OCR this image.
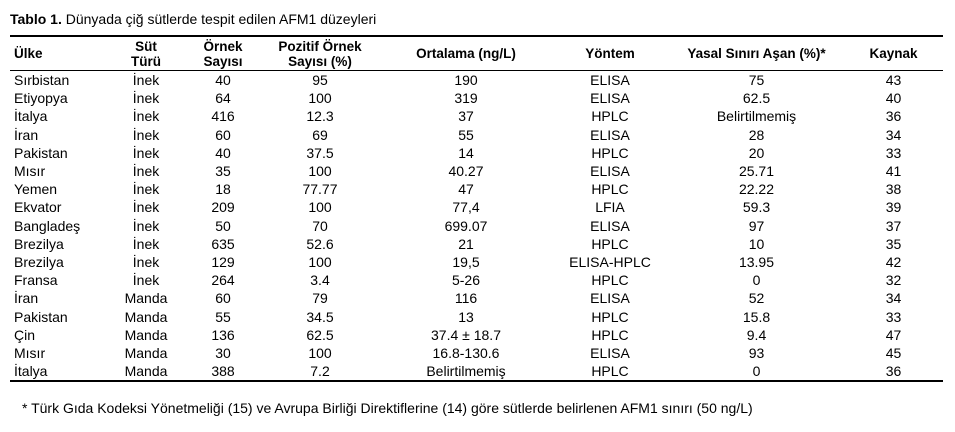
Tablo 1. Dünyada çiğ sütlerde tespit edilen AFM1 düzeyleri
Ülke	Süt Türü	Örnek Sayısı	Pozitif Örnek Sayısı (%)	Ortalama (ng/L)	Yöntem	Yasal Sınırı Aşan (%)*	Kaynak
Sırbistan	İnek	40	95	190	ELISA	75	43
Etiyopya	İnek	64	100	319	ELISA	62.5	40
İtalya	İnek	416	12.3	37	HPLC	Belirtilmemiş	36
İran	İnek	60	69	55	ELISA	28	34
Pakistan	İnek	40	37.5	14	HPLC	20	33
Mısır	İnek	35	100	40.27	ELISA	25.71	41
Yemen	İnek	18	77.77	47	HPLC	22.22	38
Ekvator	İnek	209	100	77,4	LFIA	59.3	39
Bangladeş	İnek	50	70	699.07	ELISA	97	37
Brezilya	İnek	635	52.6	21	HPLC	10	35
Brezilya	İnek	129	100	19,5	ELISA-HPLC	13.95	42
Fransa	İnek	264	3.4	5-26	HPLC	0	32
İran	Manda	60	79	116	ELISA	52	34
Pakistan	Manda	55	34.5	13	HPLC	15.8	33
Çin	Manda	136	62.5	37.4 ± 18.7	HPLC	9.4	47
Mısır	Manda	30	100	16.8-130.6	ELISA	93	45
İtalya	Manda	388	7.2	Belirtilmemiş	HPLC	0	36
* Türk Gıda Kodeksi Yönetmeliği (15) ve Avrupa Birliği Direktiflerine (14) göre sütlerde belirlenen AFM1 sınırı (50 ng/L)
